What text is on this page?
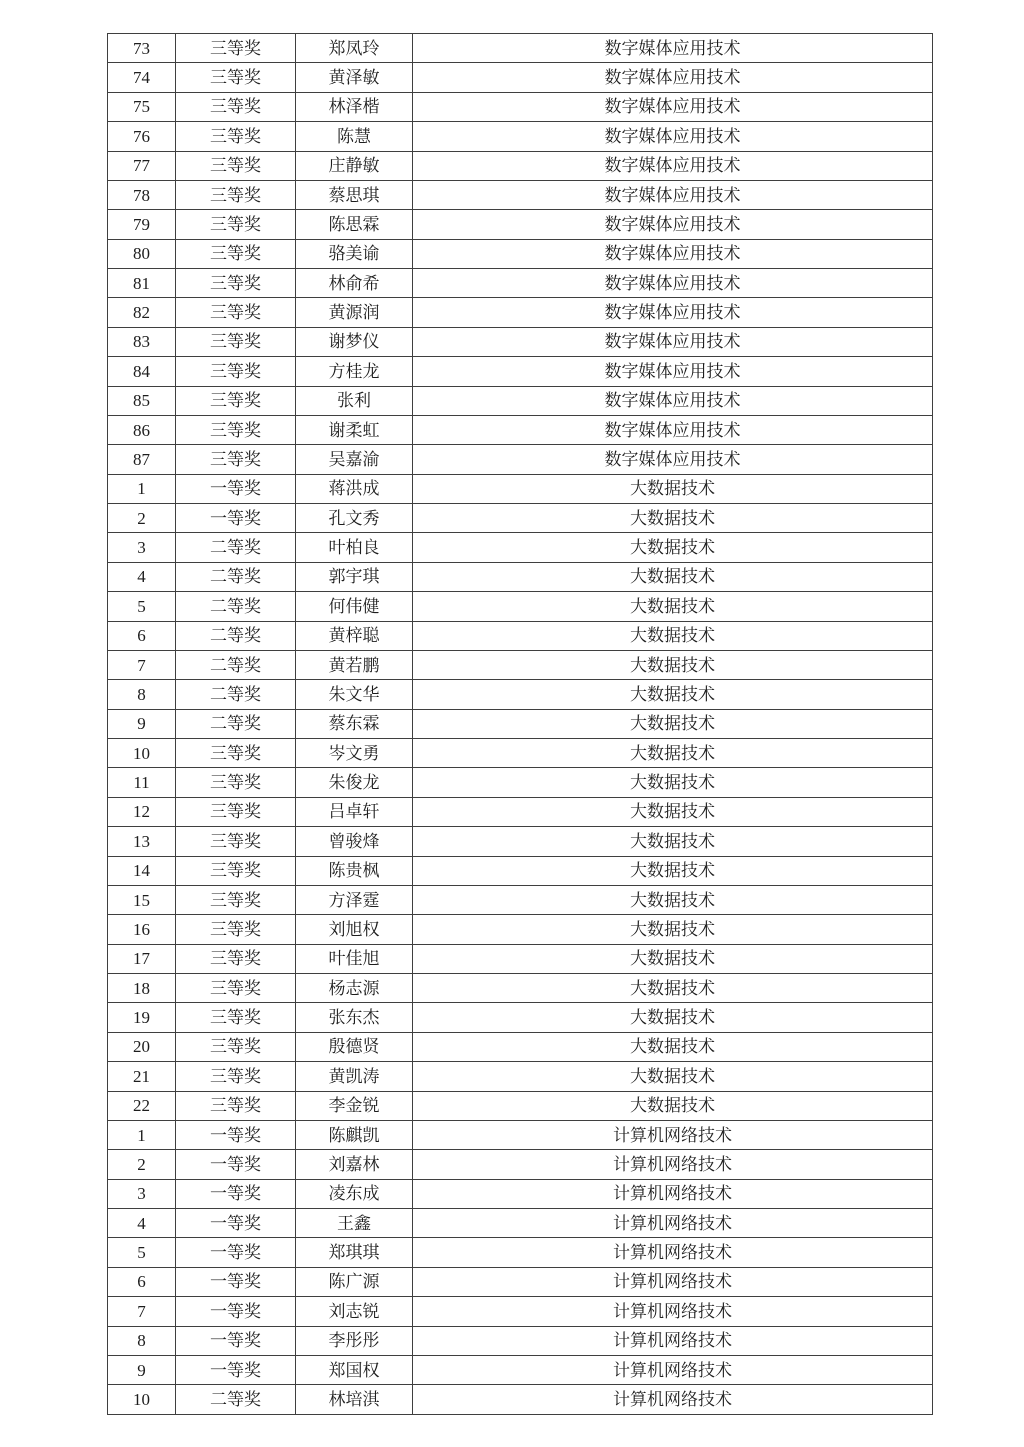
73	三等奖	郑凤玲	数字媒体应用技术
74	三等奖	黄泽敏	数字媒体应用技术
75	三等奖	林泽楷	数字媒体应用技术
76	三等奖	陈慧	数字媒体应用技术
77	三等奖	庄静敏	数字媒体应用技术
78	三等奖	蔡思琪	数字媒体应用技术
79	三等奖	陈思霖	数字媒体应用技术
80	三等奖	骆美谕	数字媒体应用技术
81	三等奖	林俞希	数字媒体应用技术
82	三等奖	黄源润	数字媒体应用技术
83	三等奖	谢梦仪	数字媒体应用技术
84	三等奖	方桂龙	数字媒体应用技术
85	三等奖	张利	数字媒体应用技术
86	三等奖	谢柔虹	数字媒体应用技术
87	三等奖	吴嘉渝	数字媒体应用技术
1	一等奖	蒋洪成	大数据技术
2	一等奖	孔文秀	大数据技术
3	二等奖	叶柏良	大数据技术
4	二等奖	郭宇琪	大数据技术
5	二等奖	何伟健	大数据技术
6	二等奖	黄梓聪	大数据技术
7	二等奖	黄若鹏	大数据技术
8	二等奖	朱文华	大数据技术
9	二等奖	蔡东霖	大数据技术
10	三等奖	岑文勇	大数据技术
11	三等奖	朱俊龙	大数据技术
12	三等奖	吕卓轩	大数据技术
13	三等奖	曾骏烽	大数据技术
14	三等奖	陈贵枫	大数据技术
15	三等奖	方泽霆	大数据技术
16	三等奖	刘旭权	大数据技术
17	三等奖	叶佳旭	大数据技术
18	三等奖	杨志源	大数据技术
19	三等奖	张东杰	大数据技术
20	三等奖	殷德贤	大数据技术
21	三等奖	黄凯涛	大数据技术
22	三等奖	李金锐	大数据技术
1	一等奖	陈麒凯	计算机网络技术
2	一等奖	刘嘉林	计算机网络技术
3	一等奖	凌东成	计算机网络技术
4	一等奖	王鑫	计算机网络技术
5	一等奖	郑琪琪	计算机网络技术
6	一等奖	陈广源	计算机网络技术
7	一等奖	刘志锐	计算机网络技术
8	一等奖	李彤彤	计算机网络技术
9	一等奖	郑国权	计算机网络技术
10	二等奖	林培淇	计算机网络技术
